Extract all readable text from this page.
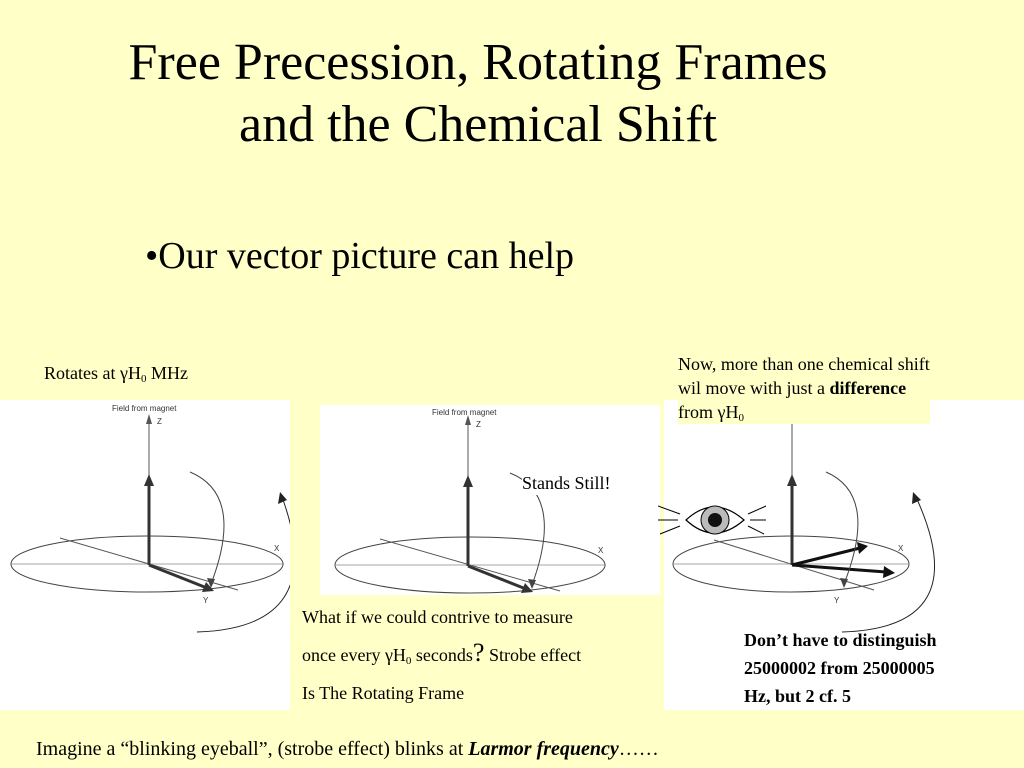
Free Precession, Rotating Frames
and the Chemical Shift
•Our vector picture can help
Rotates at $\gamma H_0$ MHz
Field from magnet
Z
X
Y
Field from magnet
Z
X
Stands Still!
X
Y
Now, more than one chemical shift
wil move with just a difference
from $\gamma H_0$
What if we could contrive to measure
once every $\gamma H_0$ seconds? Strobe effect
Is The Rotating Frame
Don’t have to distinguish
25000002 from 25000005
Hz, but 2 cf. 5
Imagine a “blinking eyeball”, (strobe effect) blinks at Larmor frequency……
